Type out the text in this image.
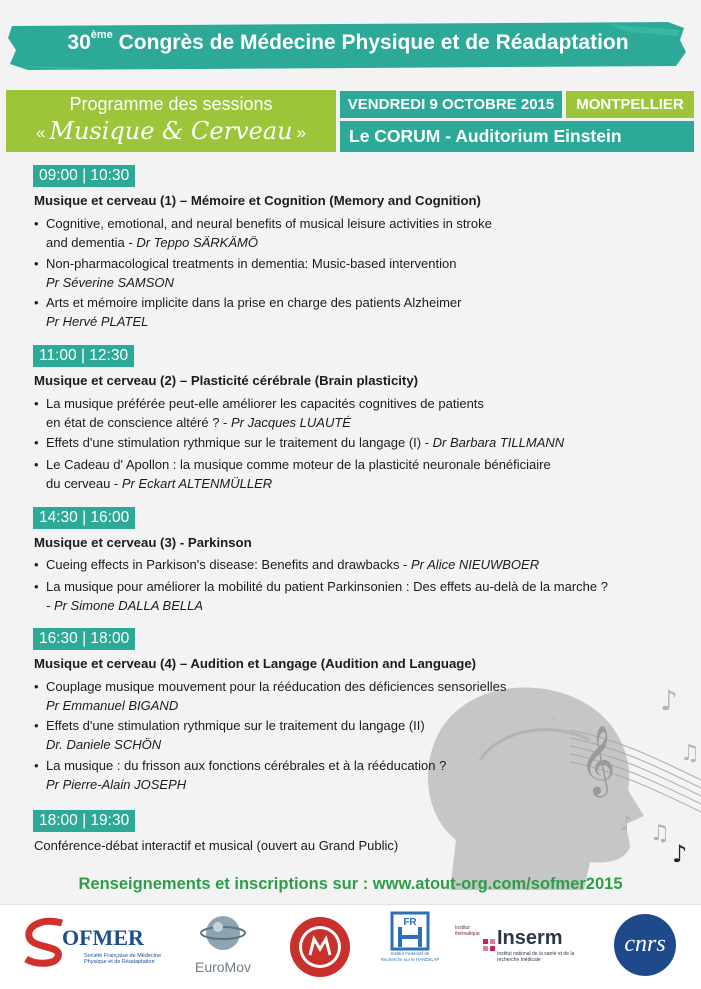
30ème Congrès de Médecine Physique et de Réadaptation
Programme des sessions
« Musique & Cerveau »
VENDREDI 9 OCTOBRE 2015	MONTPELLIER
Le CORUM - Auditorium Einstein
𝄞
♪
♫
♪ ♫
♪
♩
09:00 | 10:30
Musique et cerveau (1) – Mémoire et Cognition (Memory and Cognition)
• Cognitive, emotional, and neural benefits of musical leisure activities in stroke
and dementia - Dr Teppo SÄRKÄMÖ
• Non-pharmacological treatments in dementia: Music-based intervention
Pr Séverine SAMSON
• Arts et mémoire implicite dans la prise en charge des patients Alzheimer
Pr Hervé PLATEL
11:00 | 12:30
Musique et cerveau (2) – Plasticité cérébrale (Brain plasticity)
• La musique préférée peut-elle améliorer les capacités cognitives de patients
en état de conscience altéré ? - Pr Jacques LUAUTÉ
• Effets d'une stimulation rythmique sur le traitement du langage (I) - Dr Barbara TILLMANN
• Le Cadeau d' Apollon : la musique comme moteur de la plasticité neuronale bénéficiaire
du cerveau - Pr Eckart ALTENMÜLLER
14:30 | 16:00
Musique et cerveau (3) - Parkinson
• Cueing effects in Parkison's disease: Benefits and drawbacks - Pr Alice NIEUWBOER
• La musique pour améliorer la mobilité du patient Parkinsonien : Des effets au-delà de la marche ?
- Pr Simone DALLA BELLA
16:30 | 18:00
Musique et cerveau (4) – Audition et Langage (Audition and Language)
• Couplage musique mouvement pour la rééducation des déficiences sensorielles
Pr Emmanuel BIGAND
• Effets d'une stimulation rythmique sur le traitement du langage (II)
Dr. Daniele SCHÖN
• La musique : du frisson aux fonctions cérébrales et à la rééducation ?
Pr Pierre-Alain JOSEPH
18:00 | 19:30
Conférence-débat interactif et musical (ouvert au Grand Public)
Renseignements et inscriptions sur : www.atout-org.com/sofmer2015
OFMER
Société Française de Médecine Physique et de Réadaptation	EuroMov
FR
Institut Fédératif de Recherche sur le HANDICAP
Institut thématique Inserm
Institut national de la santé et de la recherche médicale
cnrs
